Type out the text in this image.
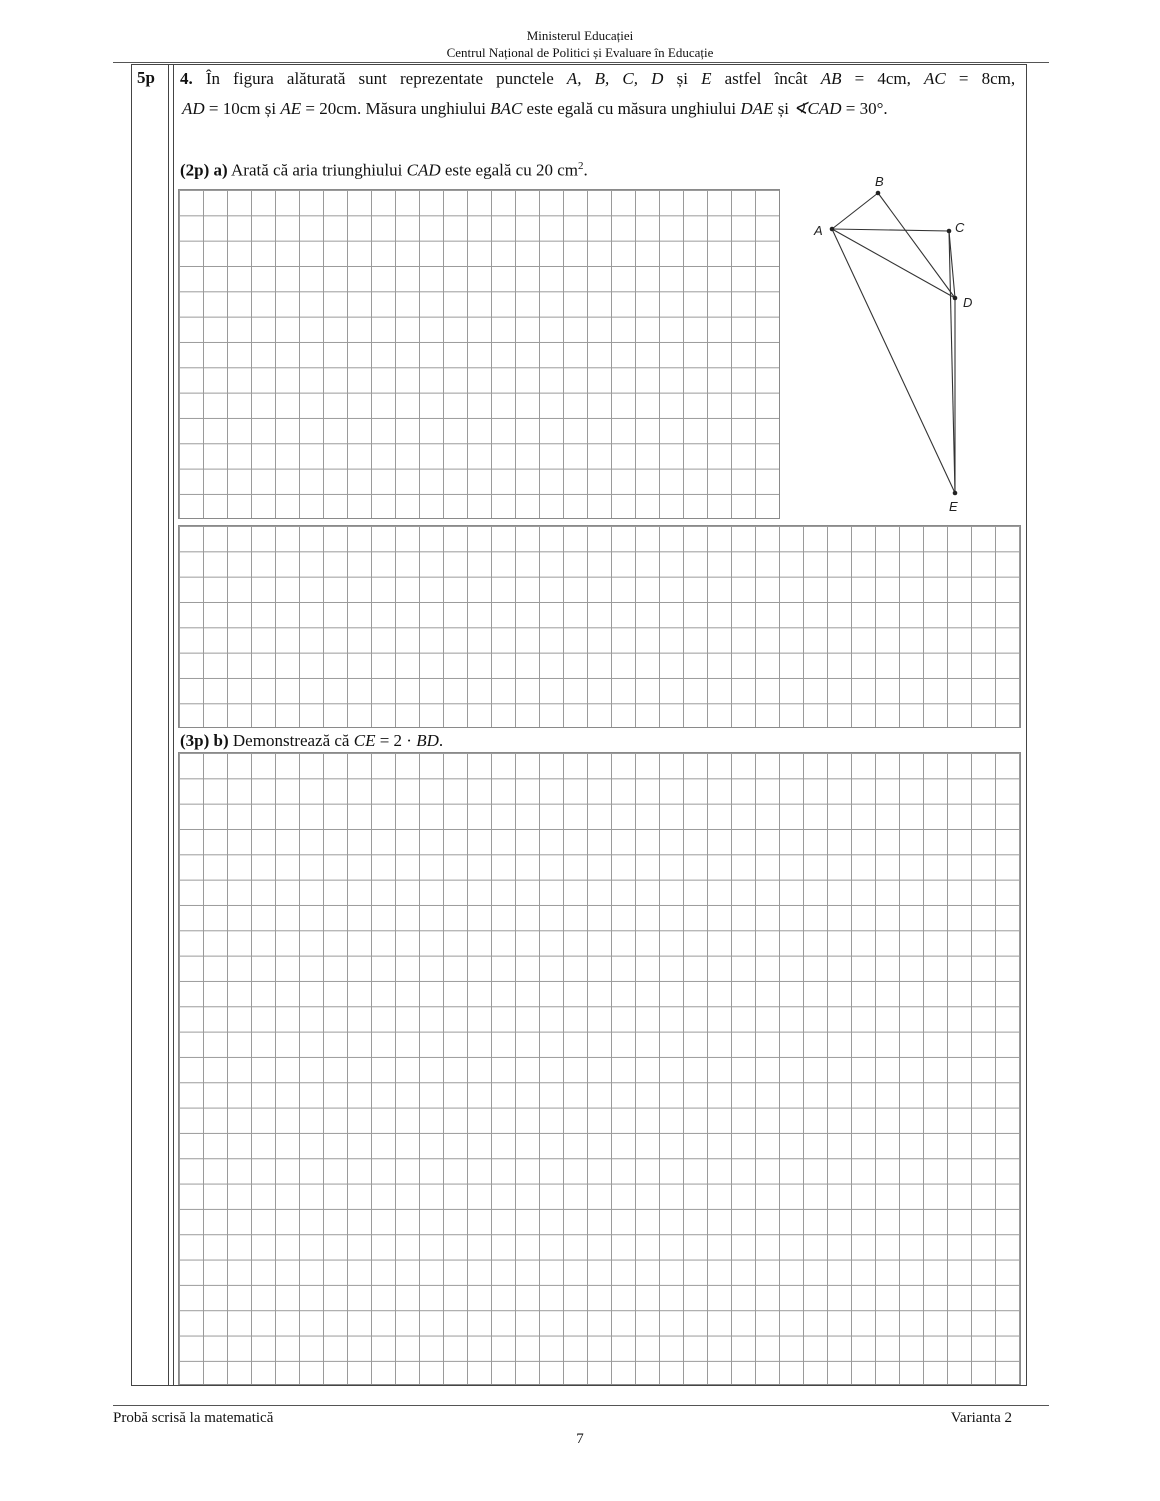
Ministerul Educației
Centrul Național de Politici și Evaluare în Educație
5p 4. În figura alăturată sunt reprezentate punctele A, B, C, D și E astfel încât AB = 4cm, AC = 8cm,
AD = 10cm și AE = 20cm. Măsura unghiului BAC este egală cu măsura unghiului DAE și ∢CAD = 30°.
(2p) a) Arată că aria triunghiului CAD este egală cu 20 $cm^2$.
A
B
C
D
E
(3p) b) Demonstrează că CE = 2 · BD.
Probă scrisă la matematică	Varianta 2
7
